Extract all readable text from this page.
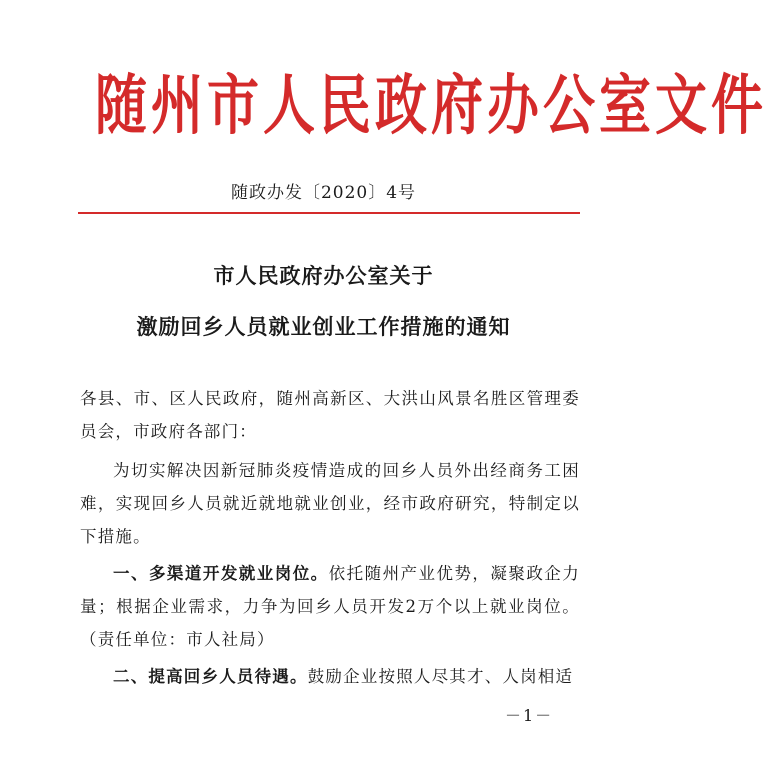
随州市人民政府办公室文件
随政办发〔2020〕4号
市人民政府办公室关于
激励回乡人员就业创业工作措施的通知
各县、市、区人民政府，随州高新区、大洪山风景名胜区管理委员会，市政府各部门：
为切实解决因新冠肺炎疫情造成的回乡人员外出经商务工困难，实现回乡人员就近就地就业创业，经市政府研究，特制定以下措施。
一、多渠道开发就业岗位。依托随州产业优势，凝聚政企力量；根据企业需求，力争为回乡人员开发2万个以上就业岗位。（责任单位：市人社局）
二、提高回乡人员待遇。鼓励企业按照人尽其才、人岗相适
－1－
